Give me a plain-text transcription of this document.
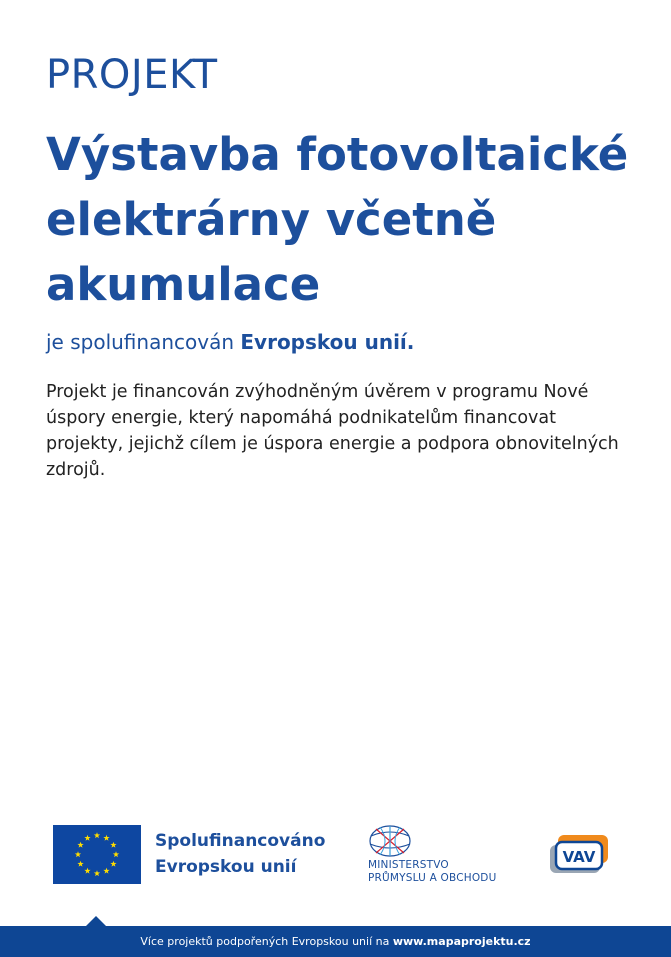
PROJEKT
Výstavba fotovoltaické elektrárny včetně akumulace
je spolufinancován Evropskou unií.
Projekt je financován zvýhodněným úvěrem v programu Nové úspory energie, který napomáhá podnikatelům financovat projekty, jejichž cílem je úspora energie a podpora obnovitelných zdrojů.
Spolufinancováno
Evropskou unií	MINISTERSTVO
PRŮMYSLU A OBCHODU
VAV
Více projektů podpořených Evropskou unií na www.mapaprojektu.cz
